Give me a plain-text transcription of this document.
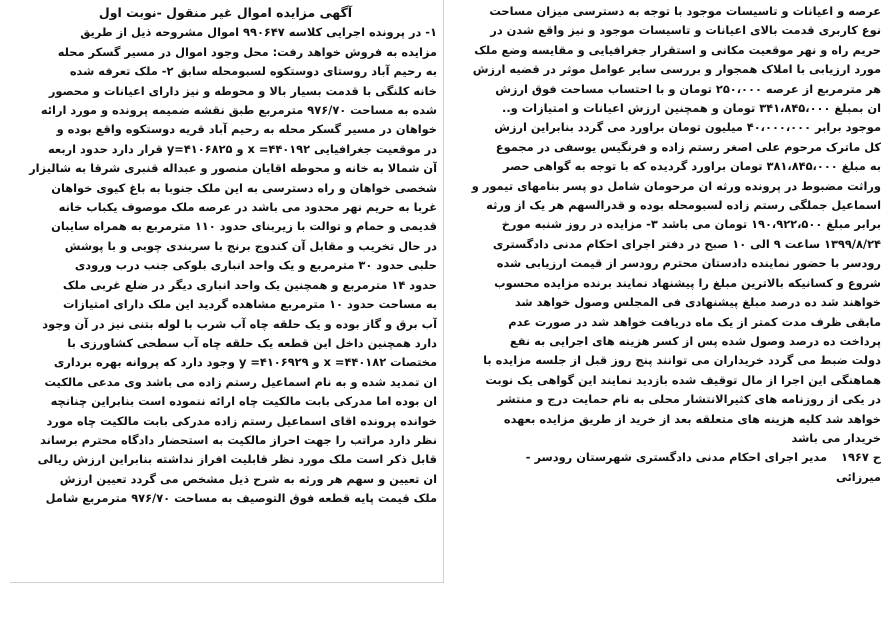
عرصه و اعیانات و تاسیسات موجود با توجه به دسترسی میزان مساحت
نوع کاربری قدمت بالای اعیانات و تاسیسات موجود و نیز واقع شدن در
حریم راه و نهر موقعیت مکانی و استقرار جغرافیایی و مقایسه وضع ملک
مورد ارزیابی با املاک همجوار و بررسی سایر عوامل موثر در قضیه ارزش
هر مترمربع از عرصه ۲۵۰،۰۰۰ تومان و با احتساب مساحت فوق ارزش
ان بمبلغ ۳۴۱،۸۴۵،۰۰۰ تومان و همچنین ارزش اعیانات و امتیازات و..
موجود برابر ۴۰،۰۰۰،۰۰۰ میلیون تومان براورد می گردد بنابراین ارزش
کل ماترک مرحوم علی اصغر رستم زاده و فرنگیس یوسفی در مجموع
به مبلغ ۳۸۱،۸۴۵،۰۰۰ تومان براورد گردیده که با توجه به گواهی حصر
وراثت مضبوط در پرونده ورثه ان مرحومان شامل دو پسر بنامهای تیمور و
اسماعیل جملگی رستم زاده لسبومحله بوده و قدرالسهم هر یک از ورثه
برابر مبلغ ۱۹۰،۹۲۲،۵۰۰ تومان می باشد ۳- مزایده در روز شنبه مورخ
۱۳۹۹/۸/۲۴ ساعت ۹ الی ۱۰ صبح در دفتر اجرای احکام مدنی دادگستری
رودسر با حضور نماینده دادستان محترم رودسر از قیمت ارزیابی شده
شروع و کسانیکه بالاترین مبلغ را پیشنهاد نمایند برنده مزایده محسوب
خواهند شد ده درصد مبلغ پیشنهادی فی المجلس وصول خواهد شد
مابقی ظرف مدت کمتر از یک ماه دریافت خواهد شد در صورت عدم
پرداخت ده درصد وصول شده پس از کسر هزینه های اجرایی به نفع
دولت ضبط می گردد خریداران می توانند پنج روز قبل از جلسه مزایده با
هماهنگی این اجرا از مال توقیف شده بازدید نمایند این گواهی یک نوبت
در یکی از روزنامه های کثیرالانتشار محلی به نام حمایت درج و منتشر
خواهد شد کلیه هزینه های متعلقه بعد از خرید از طریق مزایده بعهده
خریدار می باشد
ح ۱۹۶۷
مدیر اجرای احکام مدنی دادگستری شهرستان رودسر -
میرزائی
آگهی مزایده اموال غیر منقول -نوبت اول
۱- در پرونده اجرایی کلاسه ۹۹۰۶۴۷ اموال مشروحه ذیل از طریق
مزایده به فروش خواهد رفت: محل وجود اموال در مسیر گسکر محله
به رحیم آباد روستای دوستکوه لسبومحله سابق ۲- ملک تعرفه شده
خانه کلنگی با قدمت بسیار بالا و محوطه و نیز دارای اعیانات و محصور
شده به مساحت ۹۷۶/۷۰ مترمربع طبق نقشه ضمیمه پرونده و مورد ارائه
خواهان در مسیر گسکر محله به رحیم آباد قریه دوستکوه واقع بوده و
در موقعیت جغرافیایی ۴۴۰۱۹۲= x و ۴۱۰۶۸۲۵=y قرار دارد حدود اربعه
آن شمالا به خانه و محوطه اقایان منصور و عبداله قنبری شرقا به شالیزار
شخصی خواهان و راه دسترسی به این ملک جنوبا به باغ کیوی خواهان
غربا به حریم نهر محدود می باشد در عرصه ملک موصوف یکباب خانه
قدیمی و حمام و توالت با زیربنای حدود ۱۱۰ مترمربع به همراه سایبان
در حال تخریب و مقابل آن کندوج برنج با سربندی چوبی و با پوشش
حلبی حدود ۳۰ مترمربع و یک واحد انباری بلوکی جنب درب ورودی
حدود ۱۴ مترمربع و همچنین یک واحد انباری دیگر در ضلع غربی ملک
به مساحت حدود ۱۰ مترمربع مشاهده گردید این ملک دارای امتیازات
آب برق و گاز بوده و یک حلقه چاه آب شرب با لوله بتنی نیز در آن وجود
دارد همچنین داخل این قطعه یک حلقه چاه آب سطحی کشاورزی با
مختصات ۴۴۰۱۸۲= x و ۴۱۰۶۹۲۹= y وجود دارد که پروانه بهره برداری
ان تمدید شده و به نام اسماعیل رستم زاده می باشد وی مدعی مالکیت
ان بوده اما مدرکی بابت مالکیت چاه ارائه ننموده است بنابراین چنانچه
خوانده پرونده اقای اسماعیل رستم زاده مدرکی بابت مالکیت چاه مورد
نظر دارد مراتب را جهت احراز مالکیت به استحضار دادگاه محترم برساند
قابل ذکر است ملک مورد نظر قابلیت افراز نداشته بنابراین ارزش ریالی
ان تعیین و سهم هر ورثه به شرح ذیل مشخص می گردد تعیین ارزش
ملک قیمت پایه قطعه فوق التوصیف به مساحت ۹۷۶/۷۰ مترمربع شامل
